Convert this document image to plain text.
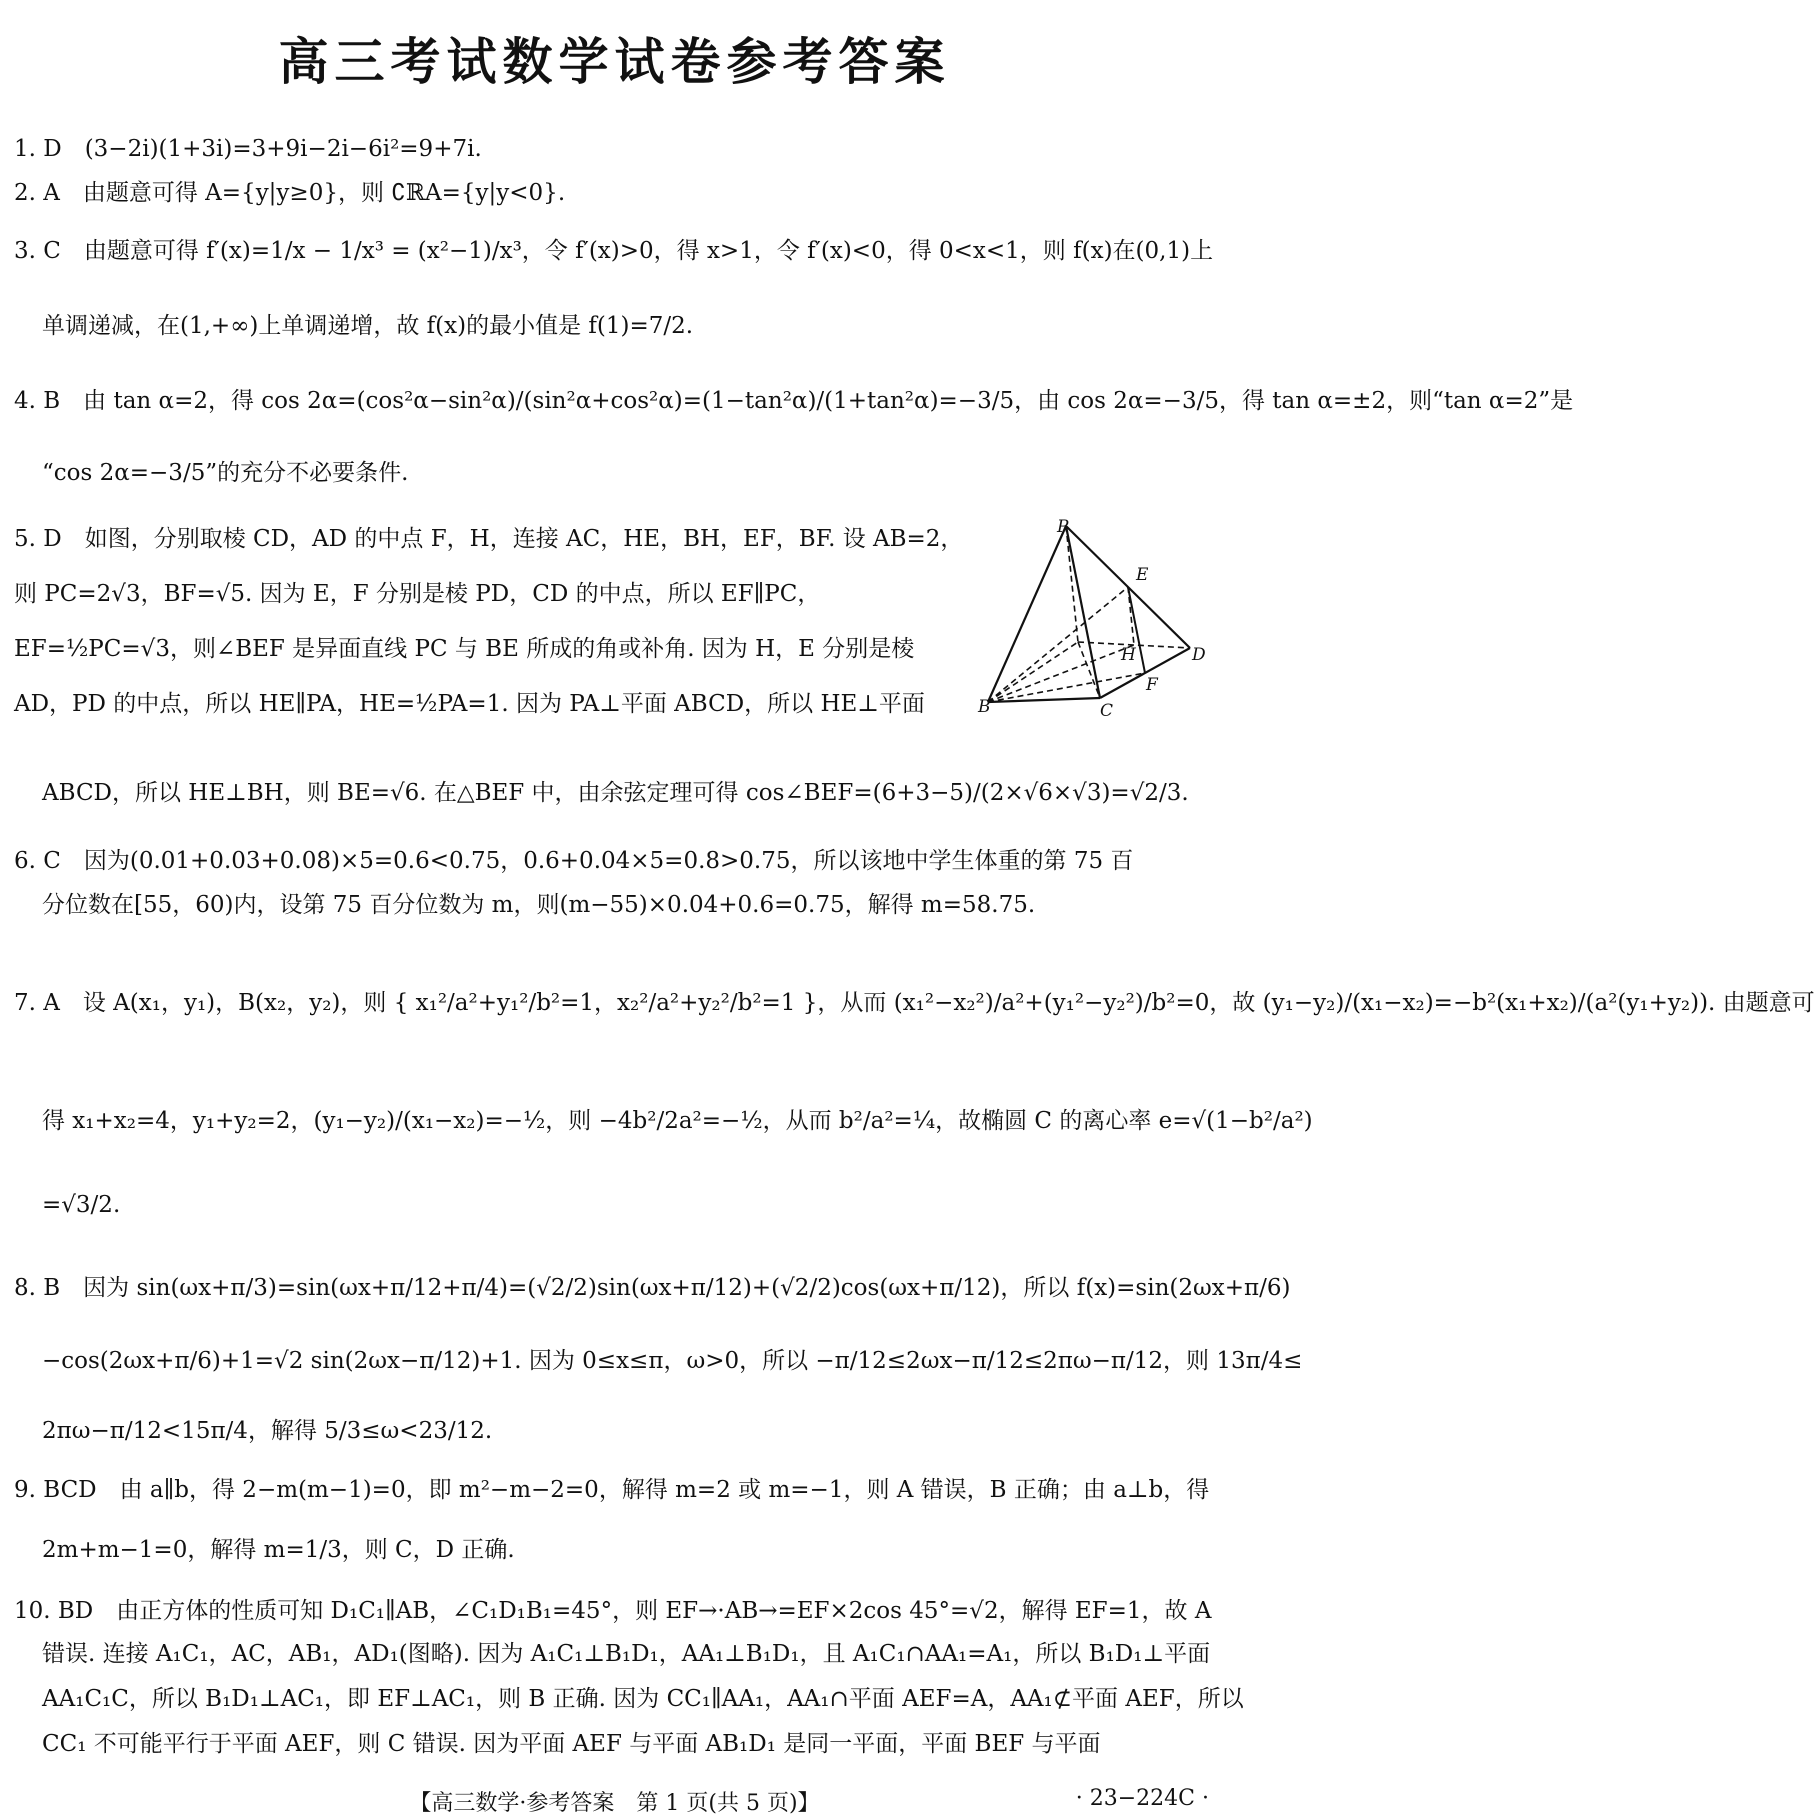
高三考试数学试卷参考答案
1. D　(3−2i)(1+3i)=3+9i−2i−6i²=9+7i.
2. A　由题意可得 A={y|y≥0}，则 ∁ℝA={y|y<0}.
3. C　由题意可得 f′(x)=1/x − 1/x³ = (x²−1)/x³，令 f′(x)>0，得 x>1，令 f′(x)<0，得 0<x<1，则 f(x)在(0,1)上
单调递减，在(1,+∞)上单调递增，故 f(x)的最小值是 f(1)=7/2.
4. B　由 tan α=2，得 cos 2α=(cos²α−sin²α)/(sin²α+cos²α)=(1−tan²α)/(1+tan²α)=−3/5，由 cos 2α=−3/5，得 tan α=±2，则“tan α=2”是
“cos 2α=−3/5”的充分不必要条件.
5. D　如图，分别取棱 CD，AD 的中点 F，H，连接 AC，HE，BH，EF，BF. 设 AB=2，则 PC=2√3，BF=√5. 因为 E，F 分别是棱 PD，CD 的中点，所以 EF∥PC，EF=½PC=√3，则∠BEF 是异面直线 PC 与 BE 所成的角或补角. 因为 H，E 分别是棱 AD，PD 的中点，所以 HE∥PA，HE=½PA=1. 因为 PA⊥平面 ABCD，所以 HE⊥平面
ABCD，所以 HE⊥BH，则 BE=√6. 在△BEF 中，由余弦定理可得 cos∠BEF=(6+3−5)/(2×√6×√3)=√2/3.
6. C　因为(0.01+0.03+0.08)×5=0.6<0.75，0.6+0.04×5=0.8>0.75，所以该地中学生体重的第 75 百
分位数在[55，60)内，设第 75 百分位数为 m，则(m−55)×0.04+0.6=0.75，解得 m=58.75.
7. A　设 A(x₁，y₁)，B(x₂，y₂)，则 { x₁²/a²+y₁²/b²=1，x₂²/a²+y₂²/b²=1 }，从而 (x₁²−x₂²)/a²+(y₁²−y₂²)/b²=0，故 (y₁−y₂)/(x₁−x₂)=−b²(x₁+x₂)/(a²(y₁+y₂)). 由题意可
得 x₁+x₂=4，y₁+y₂=2，(y₁−y₂)/(x₁−x₂)=−½，则 −4b²/2a²=−½，从而 b²/a²=¼，故椭圆 C 的离心率 e=√(1−b²/a²)
=√3/2.
8. B　因为 sin(ωx+π/3)=sin(ωx+π/12+π/4)=(√2/2)sin(ωx+π/12)+(√2/2)cos(ωx+π/12)，所以 f(x)=sin(2ωx+π/6)
−cos(2ωx+π/6)+1=√2 sin(2ωx−π/12)+1. 因为 0≤x≤π，ω>0，所以 −π/12≤2ωx−π/12≤2πω−π/12，则 13π/4≤
2πω−π/12<15π/4，解得 5/3≤ω<23/12.
9. BCD　由 a∥b，得 2−m(m−1)=0，即 m²−m−2=0，解得 m=2 或 m=−1，则 A 错误，B 正确；由 a⊥b，得
2m+m−1=0，解得 m=1/3，则 C，D 正确.
10. BD　由正方体的性质可知 D₁C₁∥AB，∠C₁D₁B₁=45°，则 EF→·AB→=EF×2cos 45°=√2，解得 EF=1，故 A
错误. 连接 A₁C₁，AC，AB₁，AD₁(图略). 因为 A₁C₁⊥B₁D₁，AA₁⊥B₁D₁，且 A₁C₁∩AA₁=A₁，所以 B₁D₁⊥平面
AA₁C₁C，所以 B₁D₁⊥AC₁，即 EF⊥AC₁，则 B 正确. 因为 CC₁∥AA₁，AA₁∩平面 AEF=A，AA₁⊄平面 AEF，所以
CC₁ 不可能平行于平面 AEF，则 C 错误. 因为平面 AEF 与平面 AB₁D₁ 是同一平面，平面 BEF 与平面
P
E
H	D
F
B	C
【高三数学·参考答案　第 1 页(共 5 页)】	· 23−224C ·
